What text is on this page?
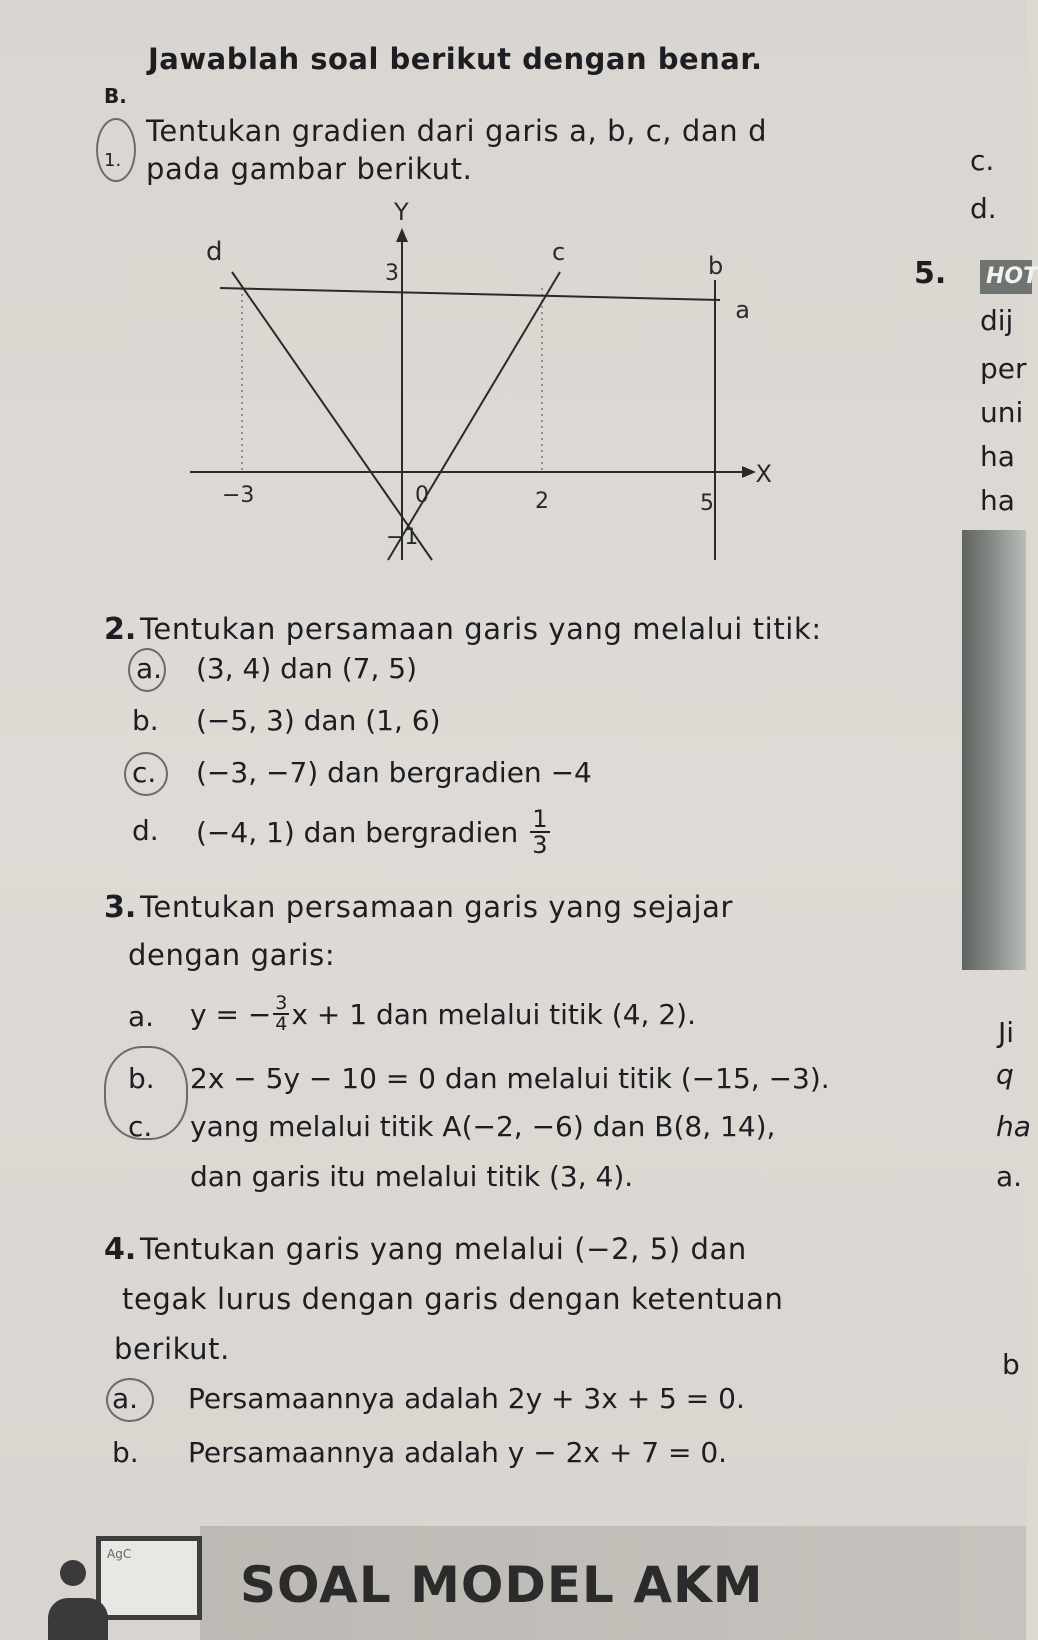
B.
Jawablah soal berikut dengan benar.
1.
Tentukan gradien dari garis a, b, c, dan d
pada gambar berikut.
Y
X
d	c	b
a
3
−3	0	2	5
−1
2. Tentukan persamaan garis yang melalui titik:
a. (3, 4) dan (7, 5)
b. (−5, 3) dan (1, 6)
c. (−3, −7) dan bergradien −4
d. (−4, 1) dan bergradien $\frac{1}{3}$
3. Tentukan persamaan garis yang sejajar
dengan garis:
a. y = − $\frac{3}{4}$ x + 1 dan melalui titik (4, 2).
b. 2x − 5y − 10 = 0 dan melalui titik (−15, −3).
c. yang melalui titik A(−2, −6) dan B(8, 14),
dan garis itu melalui titik (3, 4).
4. Tentukan garis yang melalui (−2, 5) dan
tegak lurus dengan garis dengan ketentuan
berikut.
a. Persamaannya adalah 2y + 3x + 5 = 0.
b. Persamaannya adalah y − 2x + 7 = 0.
c.
d.
5. HOT
dij
per
uni
ha
ha
Ji
q
ha
a.
b
AgC
SOAL MODEL AKM
